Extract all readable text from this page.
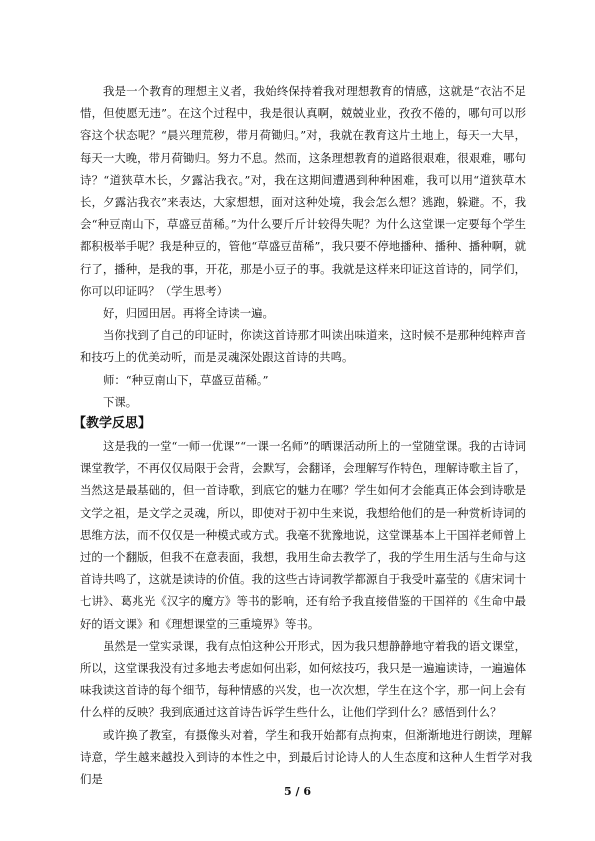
我是一个教育的理想主义者，我始终保持着我对理想教育的情感，这就是“衣沾不足惜，但使愿无违”。在这个过程中，我是很认真啊，兢兢业业，孜孜不倦的，哪句可以形容这个状态呢？“晨兴理荒秽，带月荷锄归。”对，我就在教育这片土地上，每天一大早，每天一大晚，带月荷锄归。努力不息。然而，这条理想教育的道路很艰难，很艰难，哪句诗？“道狭草木长，夕露沾我衣。”对，我在这期间遭遇到种种困难，我可以用“道狭草木长，夕露沾我衣”来表达，大家想想，面对这种处境，我会怎么想？逃跑，躲避。不，我会“种豆南山下，草盛豆苗稀。”为什么要斤斤计较得失呢？为什么这堂课一定要每个学生都积极举手呢？我是种豆的，管他“草盛豆苗稀”，我只要不停地播种、播种、播种啊，就行了，播种，是我的事，开花，那是小豆子的事。我就是这样来印证这首诗的，同学们，你可以印证吗？（学生思考）

好，归园田居。再将全诗读一遍。

当你找到了自己的印证时，你读这首诗那才叫读出味道来，这时候不是那种纯粹声音和技巧上的优美动听，而是灵魂深处跟这首诗的共鸣。

师：“种豆南山下，草盛豆苗稀。”

下课。

【教学反思】

这是我的一堂“一师一优课”“一课一名师”的晒课活动所上的一堂随堂课。我的古诗词课堂教学，不再仅仅局限于会背，会默写，会翻译，会理解写作特色，理解诗歌主旨了，当然这是最基础的，但一首诗歌，到底它的魅力在哪？学生如何才会能真正体会到诗歌是文学之祖，是文学之灵魂，所以，即使对于初中生来说，我想给他们的是一种赏析诗词的思维方法，而不仅仅是一种模式或方式。我毫不犹豫地说，这堂课基本上干国祥老师曾上过的一个翻版，但我不在意表面，我想，我用生命去教学了，我的学生用生活与生命与这首诗共鸣了，这就是读诗的价值。我的这些古诗词教学都源自于我受叶嘉莹的《唐宋词十七讲》、葛兆光《汉字的魔方》等书的影响，还有给予我直接借鉴的干国祥的《生命中最好的语文课》和《理想课堂的三重境界》等书。

虽然是一堂实录课，我有点怕这种公开形式，因为我只想静静地守着我的语文课堂，所以，这堂课我没有过多地去考虑如何出彩，如何炫技巧，我只是一遍遍读诗，一遍遍体味我读这首诗的每个细节，每种情感的兴发，也一次次想，学生在这个字，那一问上会有什么样的反映？我到底通过这首诗告诉学生些什么，让他们学到什么？感悟到什么？

或许换了教室，有摄像头对着，学生和我开始都有点拘束，但渐渐地进行朗读，理解诗意，学生越来越投入到诗的本性之中，到最后讨论诗人的人生态度和这种人生哲学对我们是

5 / 6
